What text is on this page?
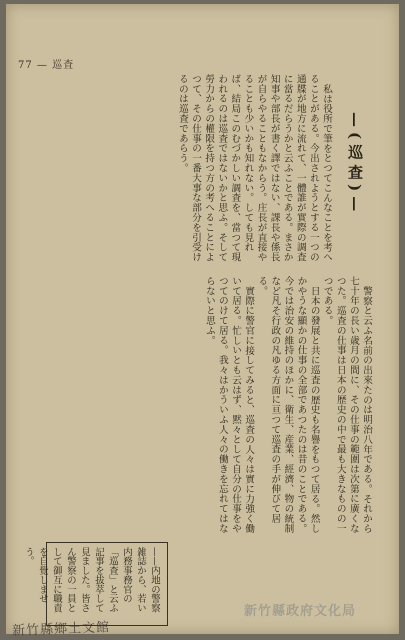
77 — 巡査

私は役所で筆をとつてこんなことを考へることがある。今出されようとする一つの通牒が地方に流れて、一體誰が實際の調査に當るだらうかと云ふことである。まさか知事や部長が書く譯ではない、課長や係長が自らやることもなからう。庄長が直接やることも少いかも知れない。しても見れば、結局このむづかしい調査を、當つて現われるのは巡査ではないかと思ふ。そして勞力からの權限を持つ方の考へることによつて、その仕事の一番大事な部分を引受けるのは巡査であらう。	—(巡査)—

警察と云ふ名前の出來たのは明治八年である。それから七十年の長い歳月の間に、その仕事の範圍は次第に廣くなつた。巡査の仕事は日本の歴史の中で最も大きなものの一つである。

日本の發展と共に巡査の歴史も名譽をもつて居る。然しかやうな顯かの仕事の全部であつたのは昔のことである。今では治安の維持のほかに、衛生、産業、經濟、物の統制など凡そ行政の凡ゆる方面に亘つて巡査の手が伸びて居る。

實際に警官に接してみると、巡査の人々は實に力強く働いて居る。忙しいとも云はず、黙々として自分の仕事をやつてのけて居る。我々はかういふ人々の働きを忘れてはならないと思ふ。

——内地の警察雑誌から、若い内務事務官の「巡査」と云ふ記事を拔萃して見ました。皆さん警察の一員として御互に職責を自覺しませう。
新竹縣鄉土文館
新竹縣政府文化局
